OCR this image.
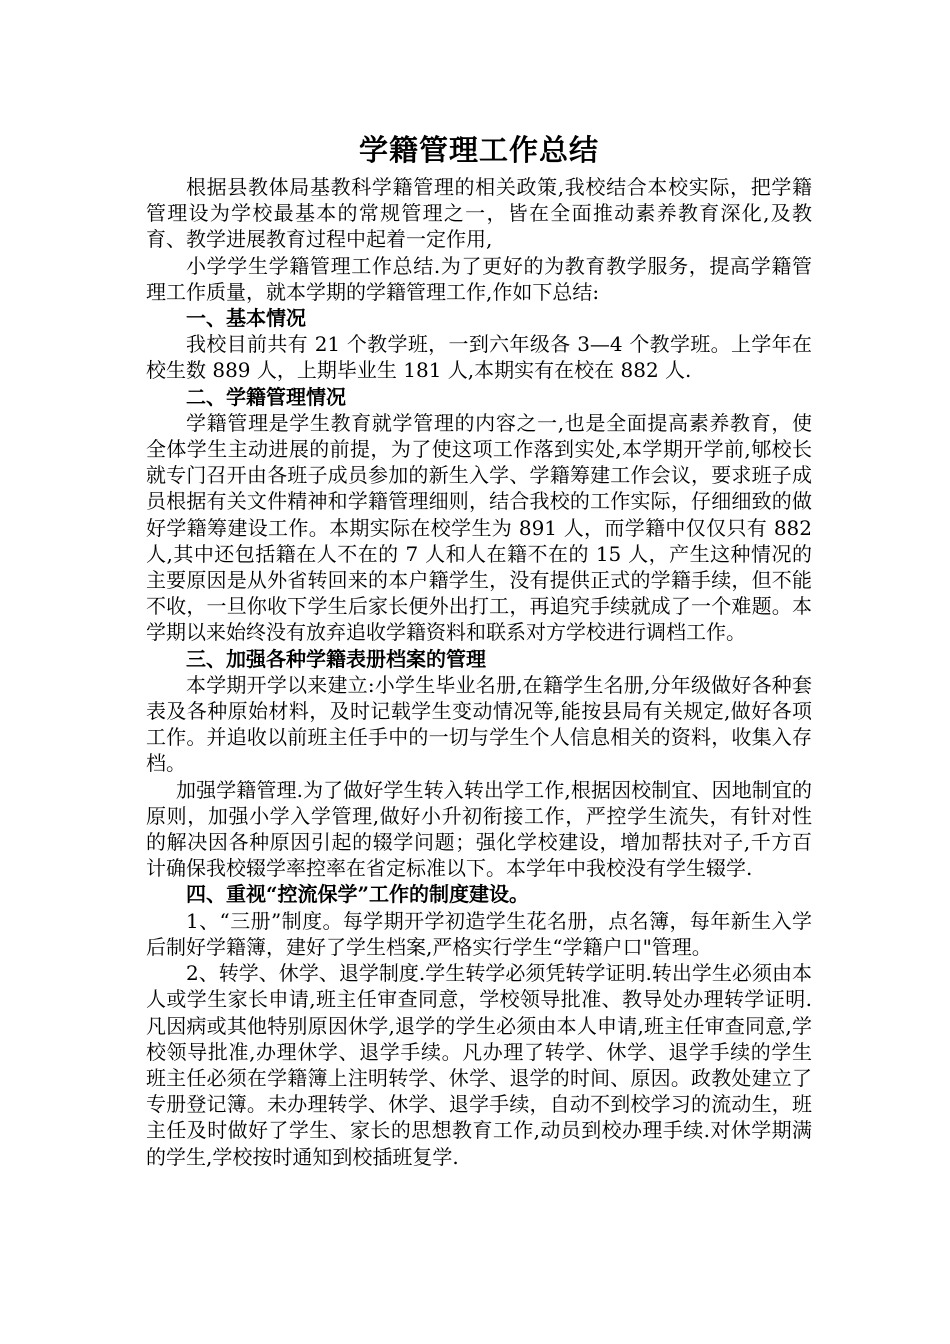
学籍管理工作总结

根据县教体局基教科学籍管理的相关政策,我校结合本校实际，把学籍管理设为学校最基本的常规管理之一，皆在全面推动素养教育深化,及教育、教学进展教育过程中起着一定作用,

小学学生学籍管理工作总结.为了更好的为教育教学服务，提高学籍管理工作质量，就本学期的学籍管理工作,作如下总结:

一、基本情况

我校目前共有 21 个教学班，一到六年级各 3—4 个教学班。上学年在校生数 889 人，上期毕业生 181 人,本期实有在校在 882 人.

二、学籍管理情况

学籍管理是学生教育就学管理的内容之一,也是全面提高素养教育，使全体学生主动进展的前提，为了使这项工作落到实处,本学期开学前,郇校长就专门召开由各班子成员参加的新生入学、学籍筹建工作会议，要求班子成员根据有关文件精神和学籍管理细则，结合我校的工作实际，仔细细致的做好学籍筹建设工作。本期实际在校学生为 891 人，而学籍中仅仅只有 882 人,其中还包括籍在人不在的 7 人和人在籍不在的 15 人，产生这种情况的主要原因是从外省转回来的本户籍学生，没有提供正式的学籍手续，但不能不收，一旦你收下学生后家长便外出打工，再追究手续就成了一个难题。本学期以来始终没有放弃追收学籍资料和联系对方学校进行调档工作。

三、加强各种学籍表册档案的管理

本学期开学以来建立:小学生毕业名册,在籍学生名册,分年级做好各种套表及各种原始材料，及时记载学生变动情况等,能按县局有关规定,做好各项工作。并追收以前班主任手中的一切与学生个人信息相关的资料，收集入存档。

加强学籍管理.为了做好学生转入转出学工作,根据因校制宜、因地制宜的原则，加强小学入学管理,做好小升初衔接工作，严控学生流失，有针对性的解决因各种原因引起的辍学问题；强化学校建设，增加帮扶对子,千方百计确保我校辍学率控率在省定标准以下。本学年中我校没有学生辍学.

四、重视“控流保学”工作的制度建设。

1、“三册”制度。每学期开学初造学生花名册，点名簿，每年新生入学后制好学籍簿，建好了学生档案,严格实行学生“学籍户口"管理。

2、转学、休学、退学制度.学生转学必须凭转学证明.转出学生必须由本人或学生家长申请,班主任审查同意，学校领导批准、教导处办理转学证明.凡因病或其他特别原因休学,退学的学生必须由本人申请,班主任审查同意,学校领导批准,办理休学、退学手续。凡办理了转学、休学、退学手续的学生班主任必须在学籍簿上注明转学、休学、退学的时间、原因。政教处建立了专册登记簿。未办理转学、休学、退学手续，自动不到校学习的流动生，班主任及时做好了学生、家长的思想教育工作,动员到校办理手续.对休学期满的学生,学校按时通知到校插班复学.
